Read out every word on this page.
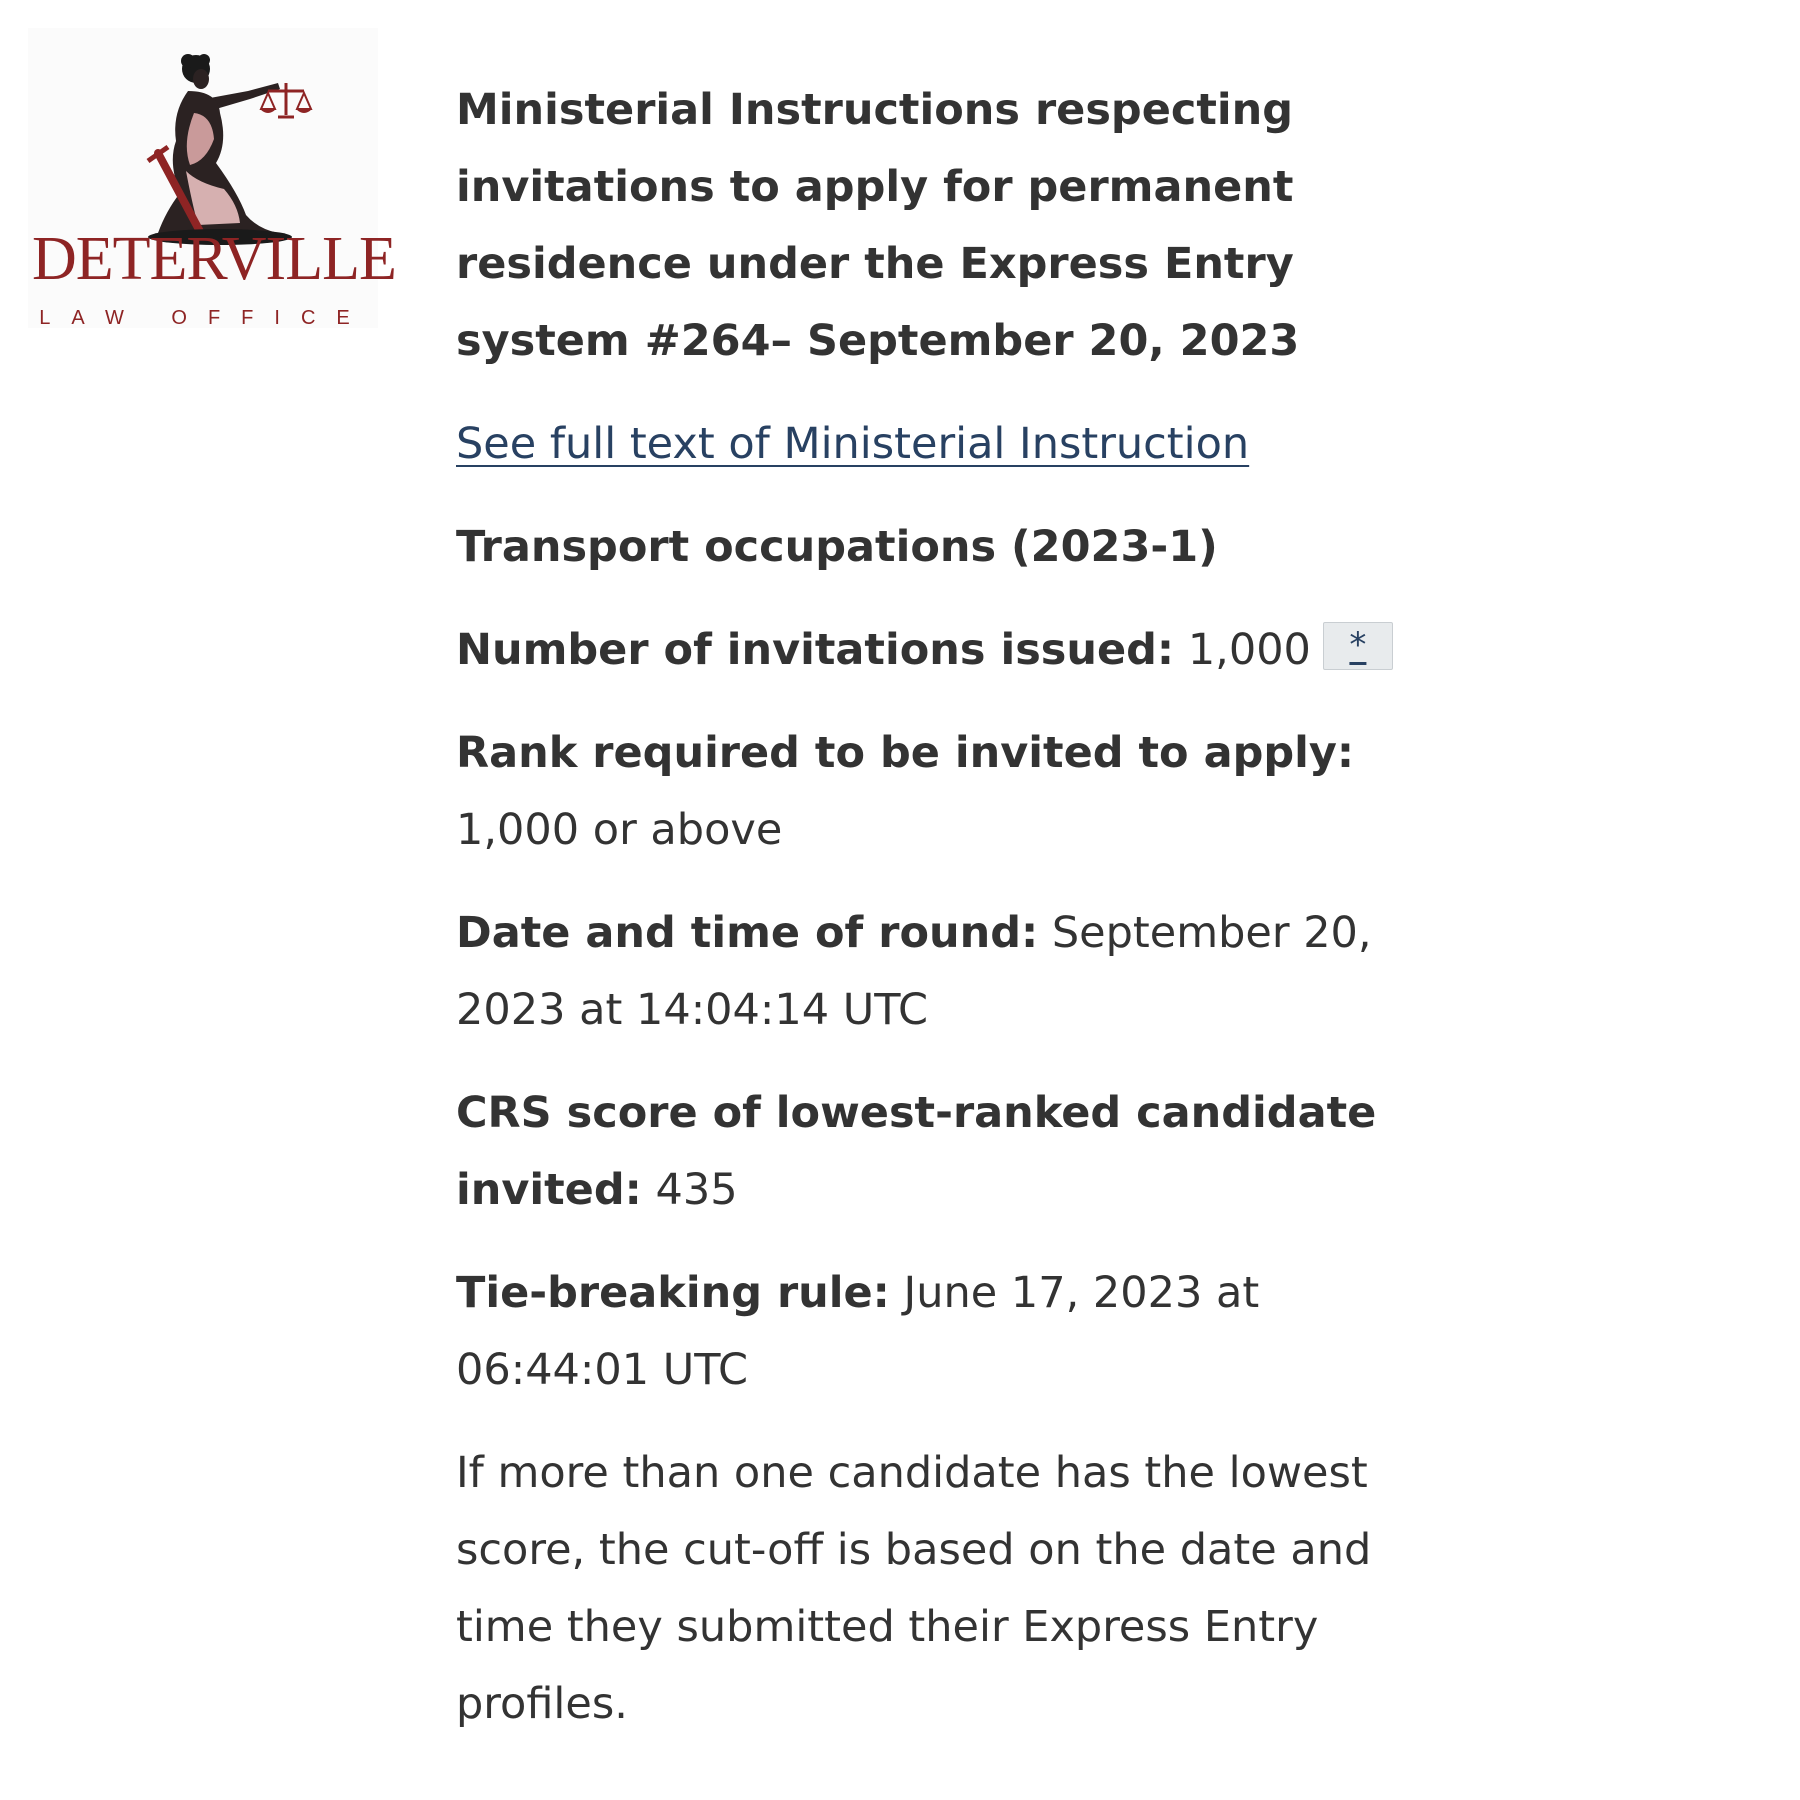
DETERVILLE
LAW OFFICE
Ministerial Instructions respecting invitations to apply for permanent residence under the Express Entry system #264– September 20, 2023

See full text of Ministerial Instruction

Transport occupations (2023-1)

Number of invitations issued: 1,000 *

Rank required to be invited to apply: 1,000 or above

Date and time of round: September 20, 2023 at 14:04:14 UTC

CRS score of lowest-ranked candidate invited: 435

Tie-breaking rule: June 17, 2023 at 06:44:01 UTC

If more than one candidate has the lowest score, the cut-off is based on the date and time they submitted their Express Entry profiles.
